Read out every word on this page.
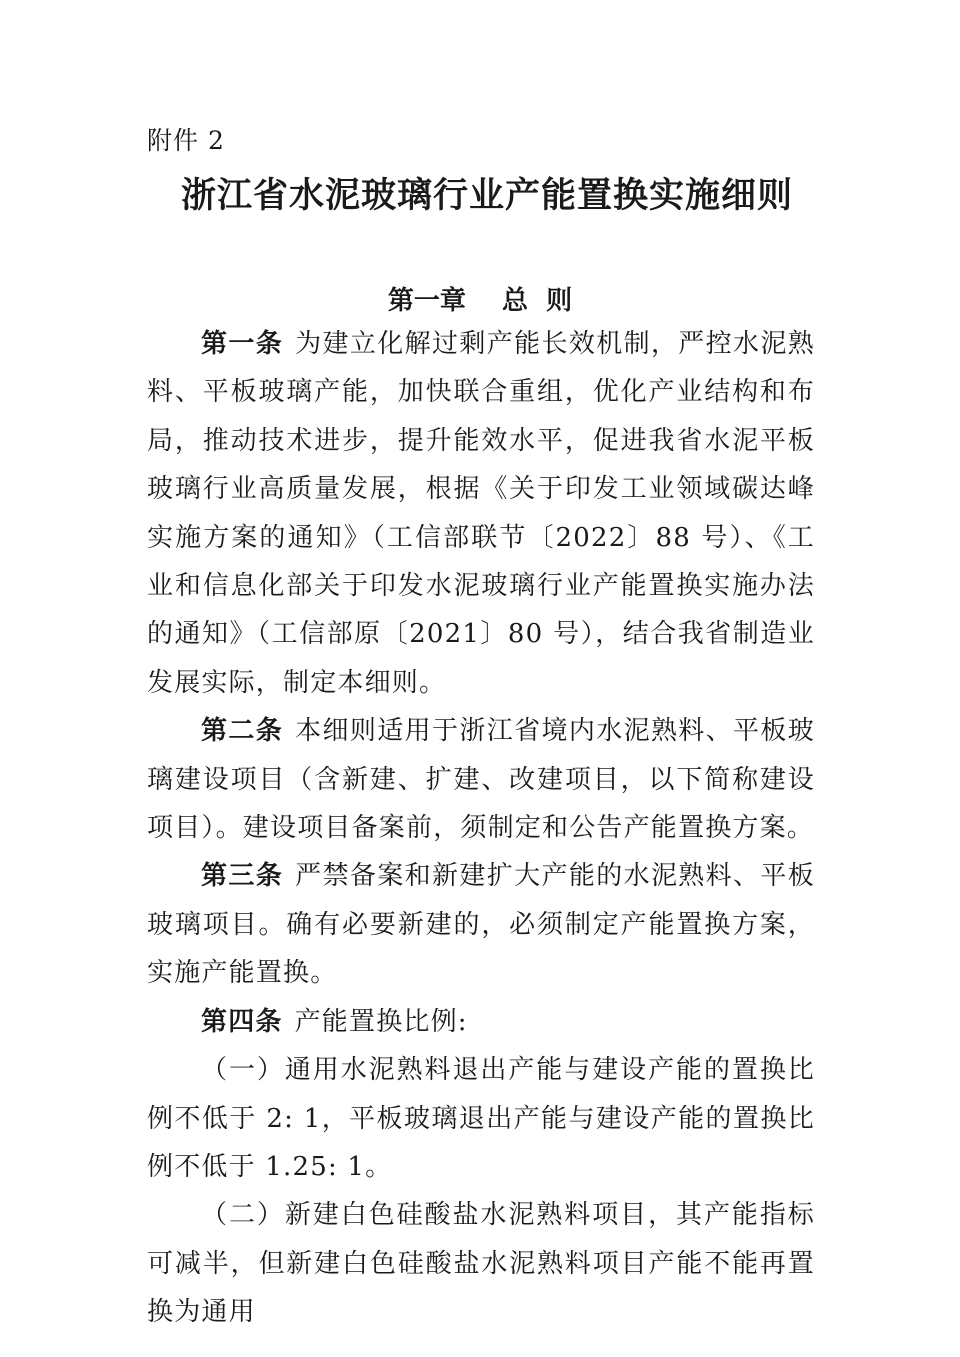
附件 2
浙江省水泥玻璃行业产能置换实施细则
第一章    总  则

第一条 为建立化解过剩产能长效机制，严控水泥熟料、平板玻璃产能，加快联合重组，优化产业结构和布局，推动技术进步，提升能效水平，促进我省水泥平板玻璃行业高质量发展，根据《关于印发工业领域碳达峰实施方案的通知》（工信部联节〔2022〕88 号）、《工业和信息化部关于印发水泥玻璃行业产能置换实施办法的通知》（工信部原〔2021〕80 号），结合我省制造业发展实际，制定本细则。

第二条 本细则适用于浙江省境内水泥熟料、平板玻璃建设项目（含新建、扩建、改建项目，以下简称建设项目）。建设项目备案前，须制定和公告产能置换方案。

第三条 严禁备案和新建扩大产能的水泥熟料、平板玻璃项目。确有必要新建的，必须制定产能置换方案，实施产能置换。

第四条 产能置换比例:

（一）通用水泥熟料退出产能与建设产能的置换比例不低于 2: 1，平板玻璃退出产能与建设产能的置换比例不低于 1.25: 1。

（二）新建白色硅酸盐水泥熟料项目，其产能指标可减半，但新建白色硅酸盐水泥熟料项目产能不能再置换为通用
